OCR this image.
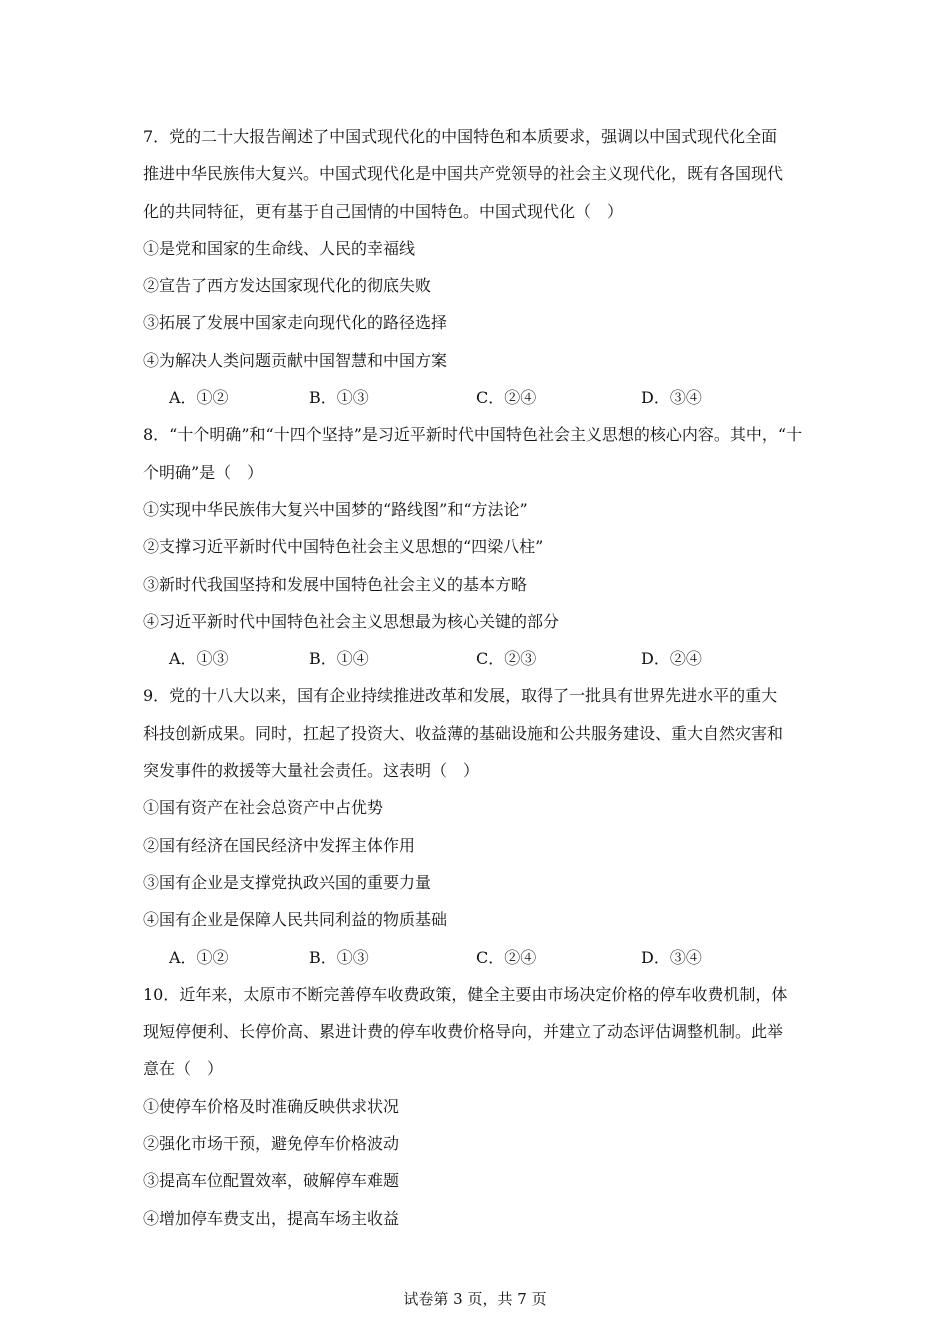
7．党的二十大报告阐述了中国式现代化的中国特色和本质要求，强调以中国式现代化全面
推进中华民族伟大复兴。中国式现代化是中国共产党领导的社会主义现代化，既有各国现代
化的共同特征，更有基于自己国情的中国特色。中国式现代化（　）
①是党和国家的生命线、人民的幸福线
②宣告了西方发达国家现代化的彻底失败
③拓展了发展中国家走向现代化的路径选择
④为解决人类问题贡献中国智慧和中国方案
A．①②	B．①③	C．②④	D．③④
8．“十个明确”和“十四个坚持”是习近平新时代中国特色社会主义思想的核心内容。其中，“十
个明确”是（　）
①实现中华民族伟大复兴中国梦的“路线图”和“方法论”
②支撑习近平新时代中国特色社会主义思想的“四梁八柱”
③新时代我国坚持和发展中国特色社会主义的基本方略
④习近平新时代中国特色社会主义思想最为核心关键的部分
A．①③	B．①④	C．②③	D．②④
9．党的十八大以来，国有企业持续推进改革和发展，取得了一批具有世界先进水平的重大
科技创新成果。同时，扛起了投资大、收益薄的基础设施和公共服务建设、重大自然灾害和
突发事件的救援等大量社会责任。这表明（　）
①国有资产在社会总资产中占优势
②国有经济在国民经济中发挥主体作用
③国有企业是支撑党执政兴国的重要力量
④国有企业是保障人民共同利益的物质基础
A．①②	B．①③	C．②④	D．③④
10．近年来，太原市不断完善停车收费政策，健全主要由市场决定价格的停车收费机制，体
现短停便利、长停价高、累进计费的停车收费价格导向，并建立了动态评估调整机制。此举
意在（　）
①使停车价格及时准确反映供求状况
②强化市场干预，避免停车价格波动
③提高车位配置效率，破解停车难题
④增加停车费支出，提高车场主收益
试卷第 3 页，共 7 页
